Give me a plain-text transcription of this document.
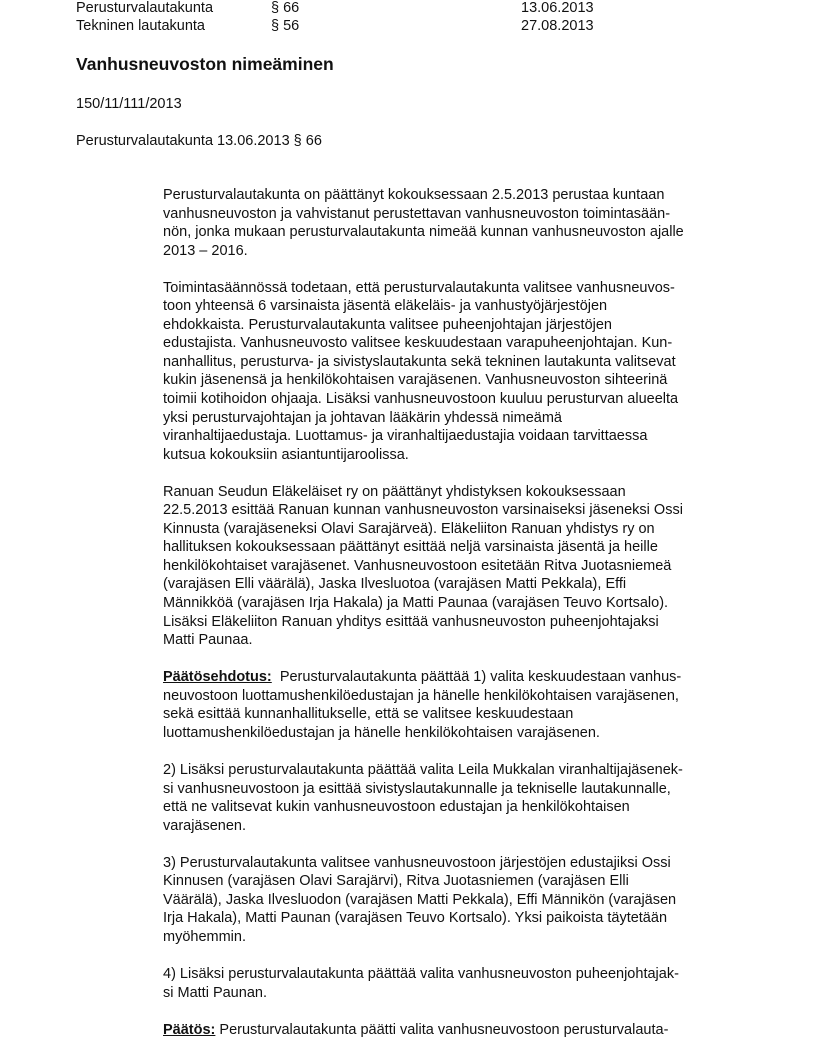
Perusturvalautakunta	§ 66	13.06.2013
Tekninen lautakunta	§ 56	27.08.2013
Vanhusneuvoston nimeäminen
150/11/111/2013
Perusturvalautakunta 13.06.2013 § 66
Perusturvalautakunta on päättänyt kokouksessaan 2.5.2013 perustaa kuntaan
vanhusneuvoston ja vahvistanut perustettavan vanhusneuvoston toimintasään-
nön, jonka mukaan perusturvalautakunta nimeää kunnan vanhusneuvoston ajalle
2013 – 2016.
Toimintasäännössä todetaan, että perusturvalautakunta valitsee vanhusneuvos-
toon yhteensä 6 varsinaista jäsentä eläkeläis- ja vanhustyöjärjestöjen
ehdokkaista. Perusturvalautakunta valitsee puheenjohtajan järjestöjen
edustajista. Vanhusneuvosto valitsee keskuudestaan varapuheenjohtajan. Kun-
nanhallitus, perusturva- ja sivistyslautakunta sekä tekninen lautakunta valitsevat
kukin jäsenensä ja henkilökohtaisen varajäsenen. Vanhusneuvoston sihteerinä
toimii kotihoidon ohjaaja. Lisäksi vanhusneuvostoon kuuluu perusturvan alueelta
yksi perusturvajohtajan ja johtavan lääkärin yhdessä nimeämä
viranhaltijaedustaja. Luottamus- ja viranhaltijaedustajia voidaan tarvittaessa
kutsua kokouksiin asiantuntijaroolissa.
Ranuan Seudun Eläkeläiset ry on päättänyt yhdistyksen kokouksessaan
22.5.2013 esittää Ranuan kunnan vanhusneuvoston varsinaiseksi jäseneksi Ossi
Kinnusta (varajäseneksi Olavi Sarajärveä). Eläkeliiton Ranuan yhdistys ry on
hallituksen kokouksessaan päättänyt esittää neljä varsinaista jäsentä ja heille
henkilökohtaiset varajäsenet. Vanhusneuvostoon esitetään Ritva Juotasniemeä
(varajäsen Elli väärälä), Jaska Ilvesluotoa (varajäsen Matti Pekkala), Effi
Männikköä (varajäsen Irja Hakala) ja Matti Paunaa (varajäsen Teuvo Kortsalo).
Lisäksi Eläkeliiton Ranuan yhditys esittää vanhusneuvoston puheenjohtajaksi
Matti Paunaa.
Päätösehdotus:  Perusturvalautakunta päättää 1) valita keskuudestaan vanhus-
neuvostoon luottamushenkilöedustajan ja hänelle henkilökohtaisen varajäsenen,
sekä esittää kunnanhallitukselle, että se valitsee keskuudestaan
luottamushenkilöedustajan ja hänelle henkilökohtaisen varajäsenen.
2) Lisäksi perusturvalautakunta päättää valita Leila Mukkalan viranhaltijajäsenek-
si vanhusneuvostoon ja esittää sivistyslautakunnalle ja tekniselle lautakunnalle,
että ne valitsevat kukin vanhusneuvostoon edustajan ja henkilökohtaisen
varajäsenen.
3) Perusturvalautakunta valitsee vanhusneuvostoon järjestöjen edustajiksi Ossi
Kinnusen (varajäsen Olavi Sarajärvi), Ritva Juotasniemen (varajäsen Elli
Väärälä), Jaska Ilvesluodon (varajäsen Matti Pekkala), Effi Männikön (varajäsen
Irja Hakala), Matti Paunan (varajäsen Teuvo Kortsalo). Yksi paikoista täytetään
myöhemmin.
4) Lisäksi perusturvalautakunta päättää valita vanhusneuvoston puheenjohtajak-
si Matti Paunan.
Päätös: Perusturvalautakunta päätti valita vanhusneuvostoon perusturvalauta-
